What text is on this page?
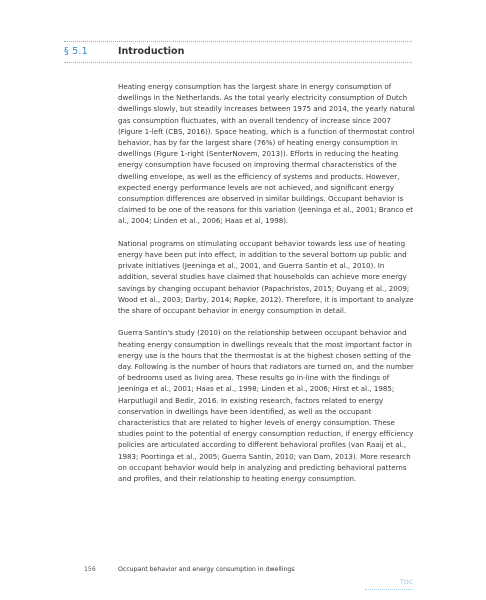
§ 5.1	Introduction

Heating energy consumption has the largest share in energy consumption of dwellings in the Netherlands. As the total yearly electricity consumption of Dutch dwellings slowly, but steadily increases between 1975 and 2014, the yearly natural gas consumption fluctuates, with an overall tendency of increase since 2007 (Figure 1-left (CBS, 2016)). Space heating, which is a function of thermostat control behavior, has by far the largest share (76%) of heating energy consumption in dwellings (Figure 1-right (SenterNovem, 2013)). Efforts in reducing the heating energy consumption have focused on improving thermal characteristics of the dwelling envelope, as well as the efficiency of systems and products. However, expected energy performance levels are not achieved, and significant energy consumption differences are observed in similar buildings. Occupant behavior is claimed to be one of the reasons for this variation (Jeeninga et al., 2001; Branco et al., 2004; Linden et al., 2006; Haas et al, 1998).

National programs on stimulating occupant behavior towards less use of heating energy have been put into effect, in addition to the several bottom up public and private initiatives (Jeeninga et al., 2001, and Guerra Santin et al., 2010). In addition, several studies have claimed that households can achieve more energy savings by changing occupant behavior (Papachristos, 2015; Ouyang et al., 2009; Wood et al., 2003; Darby, 2014; Røpke, 2012). Therefore, it is important to analyze the share of occupant behavior in energy consumption in detail.

Guerra Santin's study (2010) on the relationship between occupant behavior and heating energy consumption in dwellings reveals that the most important factor in energy use is the hours that the thermostat is at the highest chosen setting of the day. Following is the number of hours that radiators are turned on, and the number of bedrooms used as living area. These results go in-line with the findings of Jeeninga et al., 2001; Haas et al., 1998; Linden et al., 2006; Hirst et al., 1985; Harputlugil and Bedir, 2016. In existing research, factors related to energy conservation in dwellings have been identified, as well as the occupant characteristics that are related to higher levels of energy consumption. These studies point to the potential of energy consumption reduction, if energy efficiency policies are articulated according to different behavioral profiles (van Raaij et al., 1983; Poortinga et al., 2005; Guerra Santin, 2010; van Dam, 2013). More research on occupant behavior would help in analyzing and predicting behavioral patterns and profiles, and their relationship to heating energy consumption.

156	Occupant behavior and energy consumption in dwellings
TOC
